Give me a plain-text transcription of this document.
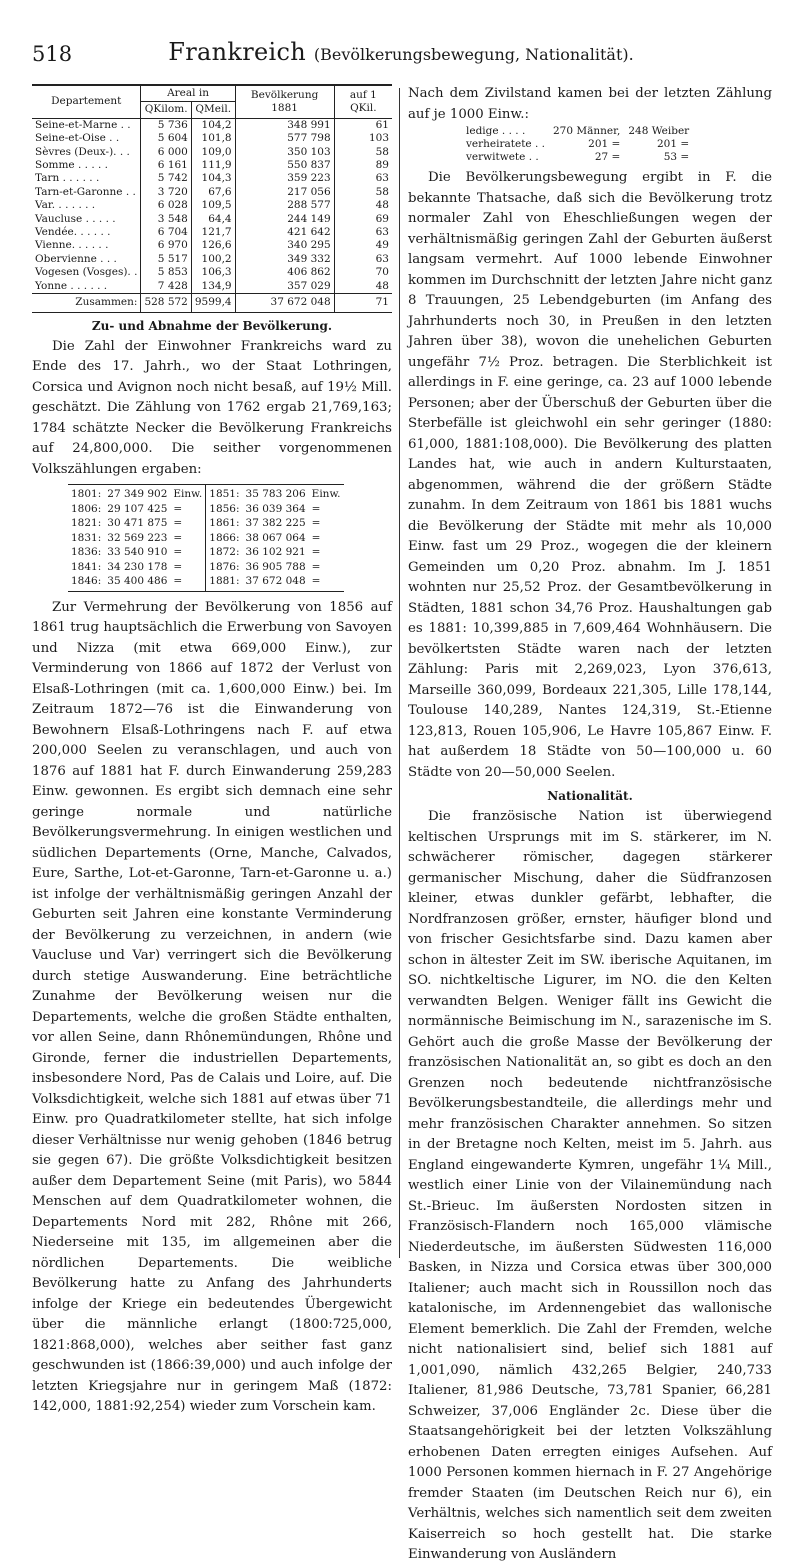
518	Frankreich (Bevölkerungsbewegung, Nationalität).
Departement	Areal in		Bevölkerung 1881	auf 1 QKil.
	QKilom.	QMeil.		
Seine-et-Marne . .	5 736	104,2	348 991	61
Seine-et-Oise . .	5 604	101,8	577 798	103
Sèvres (Deux-). . .	6 000	109,0	350 103	58
Somme . . . . .	6 161	111,9	550 837	89
Tarn . . . . . .	5 742	104,3	359 223	63
Tarn-et-Garonne . .	3 720	67,6	217 056	58
Var. . . . . . .	6 028	109,5	288 577	48
Vaucluse . . . . .	3 548	64,4	244 149	69
Vendée. . . . . .	6 704	121,7	421 642	63
Vienne. . . . . .	6 970	126,6	340 295	49
Obervienne . . .	5 517	100,2	349 332	63
Vogesen (Vosges). .	5 853	106,3	406 862	70
Yonne . . . . . .	7 428	134,9	357 029	48
Zusammen:	528 572	9599,4	37 672 048	71
Zu- und Abnahme der Bevölkerung.

Die Zahl der Einwohner Frankreichs ward zu Ende des 17. Jahrh., wo der Staat Lothringen, Corsica und Avignon noch nicht besaß, auf 19½ Mill. geschätzt. Die Zählung von 1762 ergab 21,769,163; 1784 schätzte Necker die Bevölkerung Frankreichs auf 24,800,000. Die seither vorgenommenen Volkszählungen ergaben:

1801:	27 349 902	Einw.	1851:	35 783 206	Einw.
1806:	29 107 425	=	1856:	36 039 364	=
1821:	30 471 875	=	1861:	37 382 225	=
1831:	32 569 223	=	1866:	38 067 064	=
1836:	33 540 910	=	1872:	36 102 921	=
1841:	34 230 178	=	1876:	36 905 788	=
1846:	35 400 486	=	1881:	37 672 048	=

Zur Vermehrung der Bevölkerung von 1856 auf 1861 trug hauptsächlich die Erwerbung von Savoyen und Nizza (mit etwa 669,000 Einw.), zur Verminderung von 1866 auf 1872 der Verlust von Elsaß-Lothringen (mit ca. 1,600,000 Einw.) bei. Im Zeitraum 1872—76 ist die Einwanderung von Bewohnern Elsaß-Lothringens nach F. auf etwa 200,000 Seelen zu veranschlagen, und auch von 1876 auf 1881 hat F. durch Einwanderung 259,283 Einw. gewonnen. Es ergibt sich demnach eine sehr geringe normale und natürliche Bevölkerungsvermehrung. In einigen westlichen und südlichen Departements (Orne, Manche, Calvados, Eure, Sarthe, Lot-et-Garonne, Tarn-et-Garonne u. a.) ist infolge der verhältnismäßig geringen Anzahl der Geburten seit Jahren eine konstante Verminderung der Bevölkerung zu verzeichnen, in andern (wie Vaucluse und Var) verringert sich die Bevölkerung durch stetige Auswanderung. Eine beträchtliche Zunahme der Bevölkerung weisen nur die Departements, welche die großen Städte enthalten, vor allen Seine, dann Rhônemündungen, Rhône und Gironde, ferner die industriellen Departements, insbesondere Nord, Pas de Calais und Loire, auf. Die Volksdichtigkeit, welche sich 1881 auf etwas über 71 Einw. pro Quadratkilometer stellte, hat sich infolge dieser Verhältnisse nur wenig gehoben (1846 betrug sie gegen 67). Die größte Volksdichtigkeit besitzen außer dem Departement Seine (mit Paris), wo 5844 Menschen auf dem Quadratkilometer wohnen, die Departements Nord mit 282, Rhône mit 266, Niederseine mit 135, im allgemeinen aber die nördlichen Departements. Die weibliche Bevölkerung hatte zu Anfang des Jahrhunderts infolge der Kriege ein bedeutendes Übergewicht über die männliche erlangt (1800:725,000, 1821:868,000), welches aber seither fast ganz geschwunden ist (1866:39,000) und auch infolge der letzten Kriegsjahre nur in geringem Maß (1872: 142,000, 1881:92,254) wieder zum Vorschein kam.

Nach dem Zivilstand kamen bei der letzten Zählung auf je 1000 Einw.:

ledige . . . .	270 Männer,	248 Weiber
verheiratete . .	201 =	201 =
verwitwete . .	27 =	53 =

Die Bevölkerungsbewegung ergibt in F. die bekannte Thatsache, daß sich die Bevölkerung trotz normaler Zahl von Eheschließungen wegen der verhältnismäßig geringen Zahl der Geburten äußerst langsam vermehrt. Auf 1000 lebende Einwohner kommen im Durchschnitt der letzten Jahre nicht ganz 8 Trauungen, 25 Lebendgeburten (im Anfang des Jahrhunderts noch 30, in Preußen in den letzten Jahren über 38), wovon die unehelichen Geburten ungefähr 7½ Proz. betragen. Die Sterblichkeit ist allerdings in F. eine geringe, ca. 23 auf 1000 lebende Personen; aber der Überschuß der Geburten über die Sterbefälle ist gleichwohl ein sehr geringer (1880: 61,000, 1881:108,000). Die Bevölkerung des platten Landes hat, wie auch in andern Kulturstaaten, abgenommen, während die der größern Städte zunahm. In dem Zeitraum von 1861 bis 1881 wuchs die Bevölkerung der Städte mit mehr als 10,000 Einw. fast um 29 Proz., wogegen die der kleinern Gemeinden um 0,20 Proz. abnahm. Im J. 1851 wohnten nur 25,52 Proz. der Gesamtbevölkerung in Städten, 1881 schon 34,76 Proz. Haushaltungen gab es 1881: 10,399,885 in 7,609,464 Wohnhäusern. Die bevölkertsten Städte waren nach der letzten Zählung: Paris mit 2,269,023, Lyon 376,613, Marseille 360,099, Bordeaux 221,305, Lille 178,144, Toulouse 140,289, Nantes 124,319, St.-Etienne 123,813, Rouen 105,906, Le Havre 105,867 Einw. F. hat außerdem 18 Städte von 50—100,000 u. 60 Städte von 20—50,000 Seelen.

Nationalität.

Die französische Nation ist überwiegend keltischen Ursprungs mit im S. stärkerer, im N. schwächerer römischer, dagegen stärkerer germanischer Mischung, daher die Südfranzosen kleiner, etwas dunkler gefärbt, lebhafter, die Nordfranzosen größer, ernster, häufiger blond und von frischer Gesichtsfarbe sind. Dazu kamen aber schon in ältester Zeit im SW. iberische Aquitanen, im SO. nichtkeltische Ligurer, im NO. die den Kelten verwandten Belgen. Weniger fällt ins Gewicht die normännische Beimischung im N., sarazenische im S. Gehört auch die große Masse der Bevölkerung der französischen Nationalität an, so gibt es doch an den Grenzen noch bedeutende nichtfranzösische Bevölkerungsbestandteile, die allerdings mehr und mehr französischen Charakter annehmen. So sitzen in der Bretagne noch Kelten, meist im 5. Jahrh. aus England eingewanderte Kymren, ungefähr 1¼ Mill., westlich einer Linie von der Vilainemündung nach St.-Brieuc. Im äußersten Nordosten sitzen in Französisch-Flandern noch 165,000 vlämische Niederdeutsche, im äußersten Südwesten 116,000 Basken, in Nizza und Corsica etwas über 300,000 Italiener; auch macht sich in Roussillon noch das katalonische, im Ardennengebiet das wallonische Element bemerklich. Die Zahl der Fremden, welche nicht nationalisiert sind, belief sich 1881 auf 1,001,090, nämlich 432,265 Belgier, 240,733 Italiener, 81,986 Deutsche, 73,781 Spanier, 66,281 Schweizer, 37,006 Engländer 2c. Diese über die Staatsangehörigkeit bei der letzten Volkszählung erhobenen Daten erregten einiges Aufsehen. Auf 1000 Personen kommen hiernach in F. 27 Angehörige fremder Staaten (im Deutschen Reich nur 6), ein Verhältnis, welches sich namentlich seit dem zweiten Kaiserreich so hoch gestellt hat. Die starke Einwanderung von Ausländern
